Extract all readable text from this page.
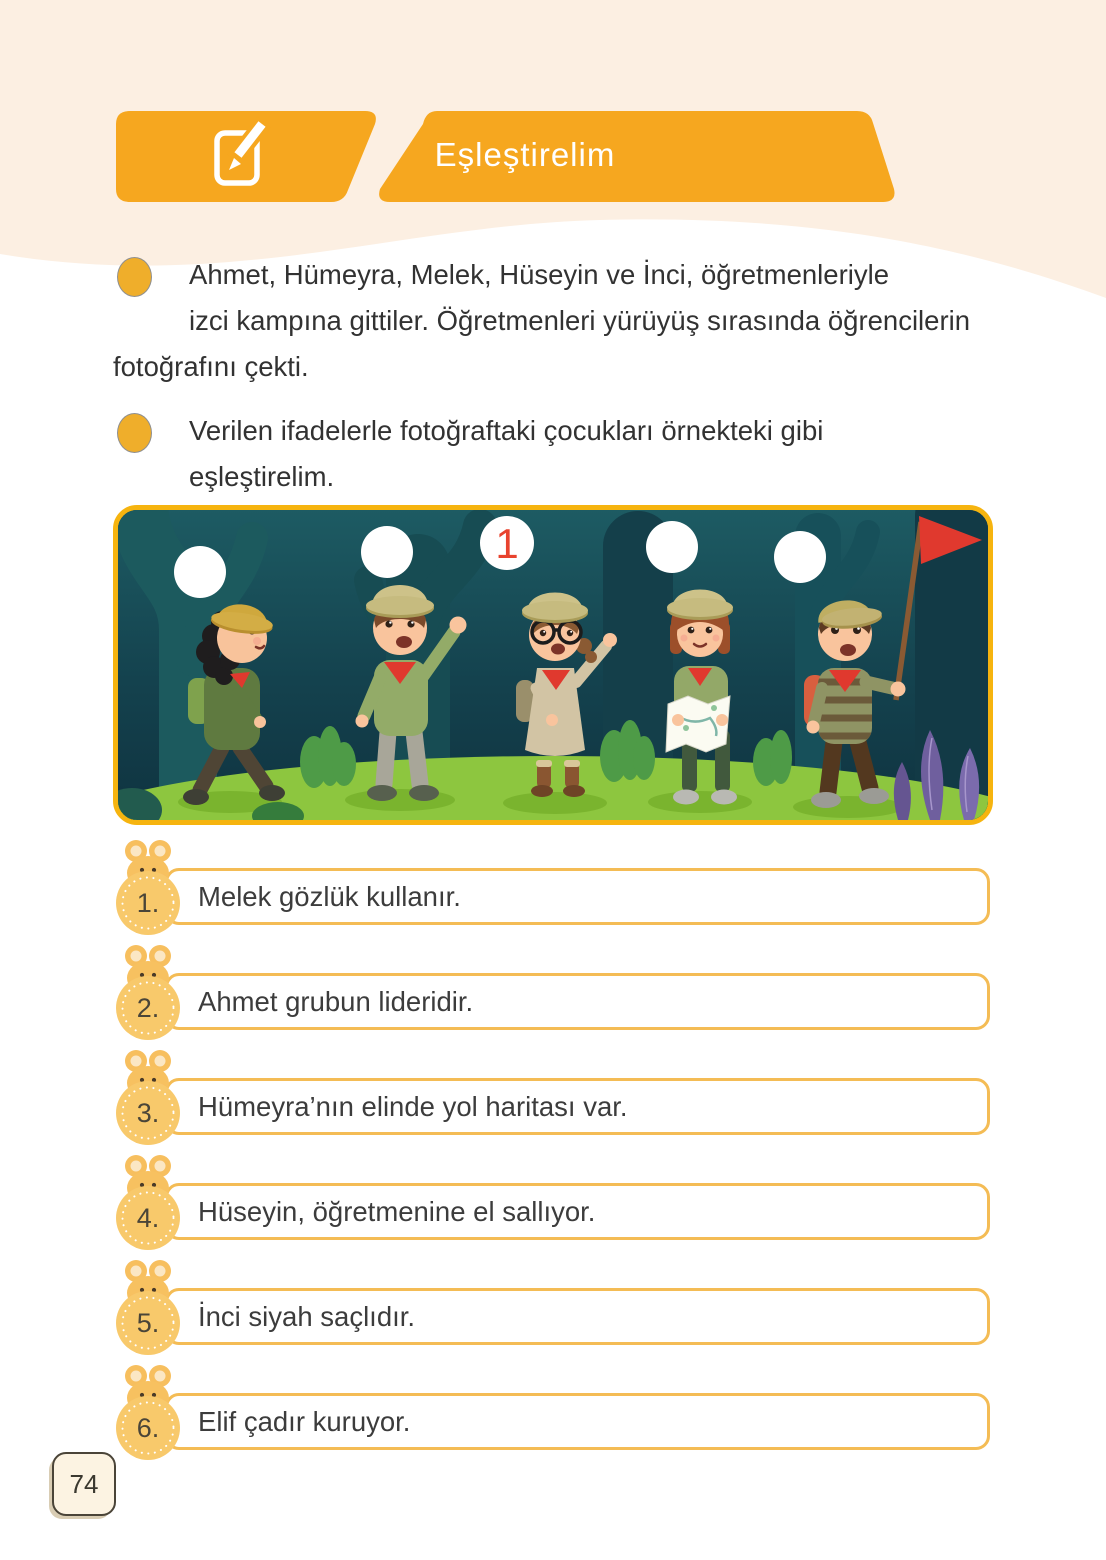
Eşleştirelim
Ahmet, Hümeyra, Melek, Hüseyin ve İnci, öğretmenleriyle
izci kampına gittiler. Öğretmenleri yürüyüş sırasında öğrencilerin
fotoğrafını çekti.
Verilen ifadelerle fotoğraftaki çocukları örnekteki gibi
eşleştirelim.
1
Melek gözlük kullanır.
1.
Ahmet grubun lideridir.
2.
Hümeyra’nın elinde yol haritası var.
3.
Hüseyin, öğretmenine el sallıyor.
4.
İnci siyah saçlıdır.
5.
Elif çadır kuruyor.
6.
74
